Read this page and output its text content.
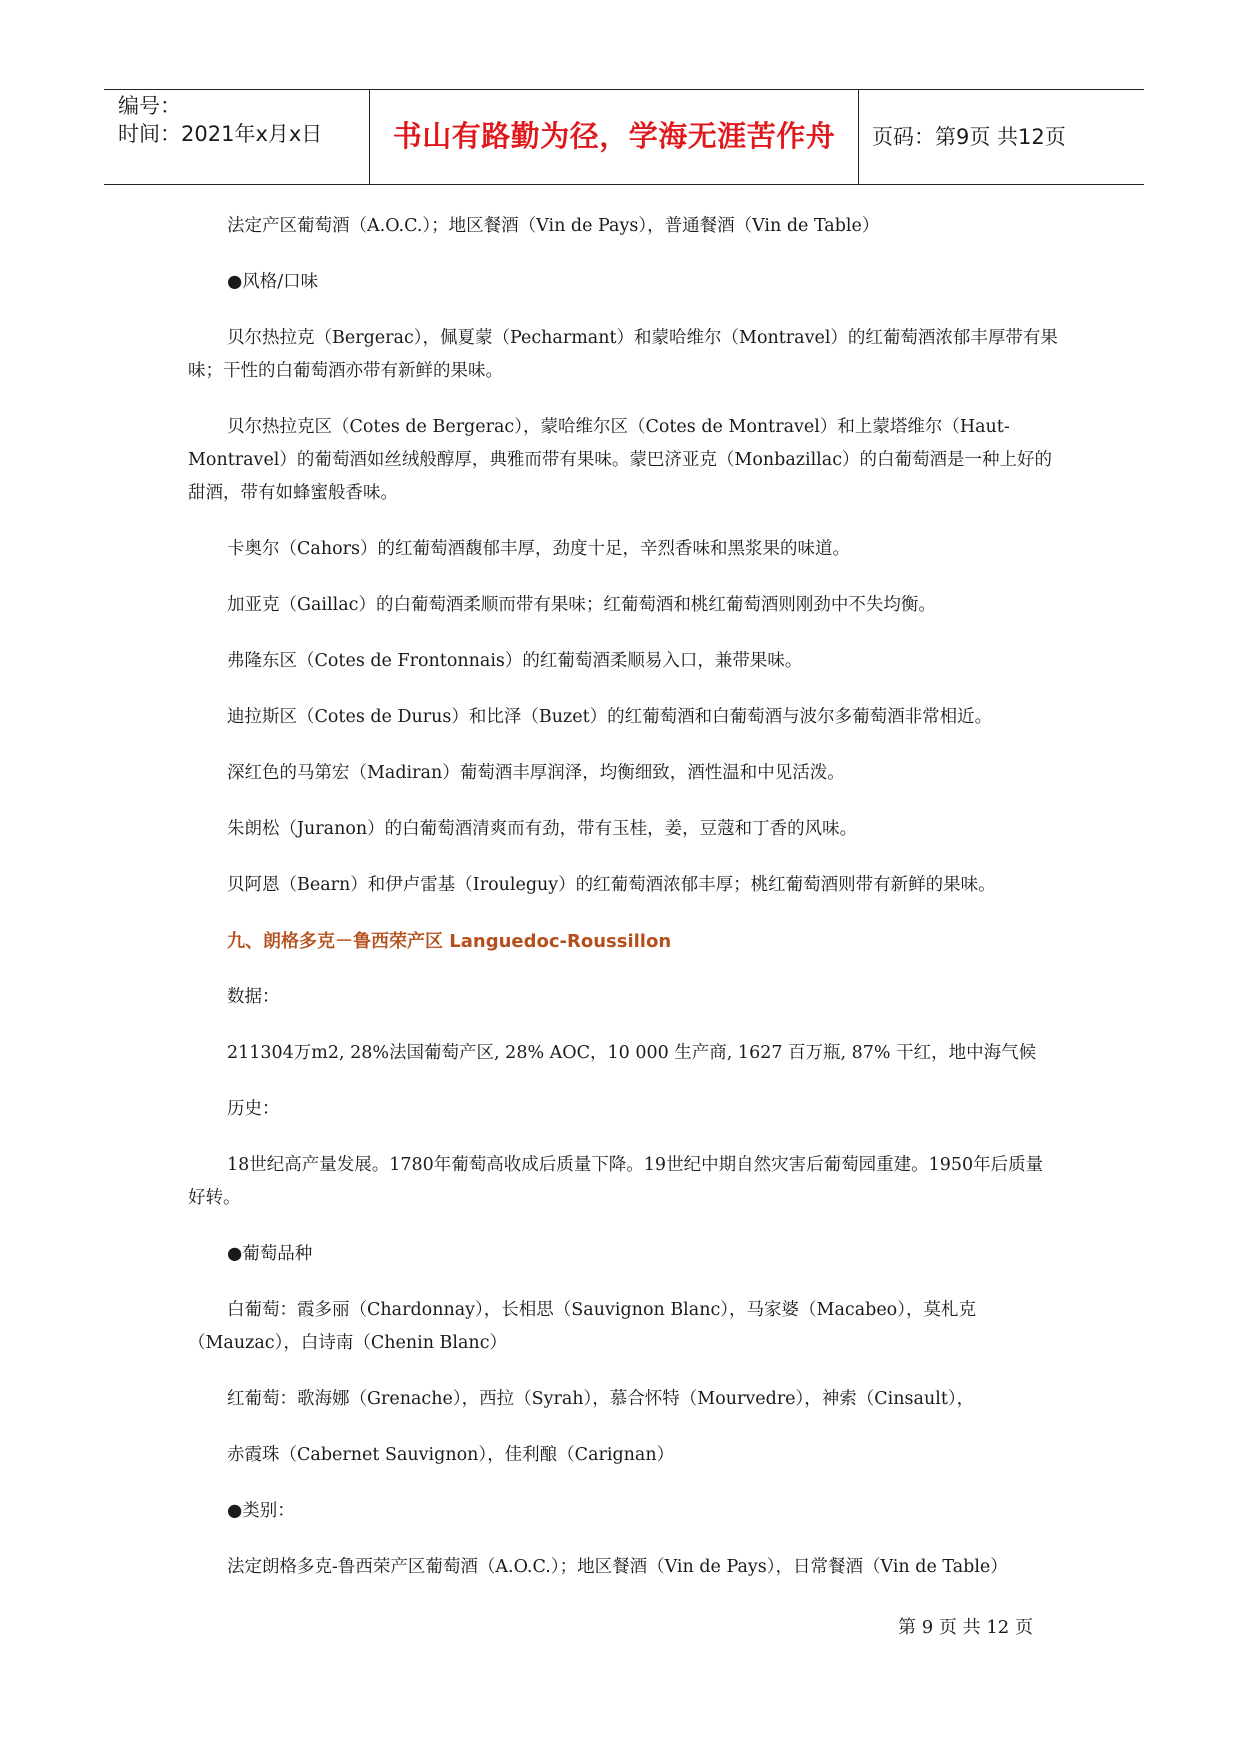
编号：
时间：2021年x月x日	书山有路勤为径，学海无涯苦作舟	页码：第9页 共12页

法定产区葡萄酒（A.O.C.）；地区餐酒（Vin de Pays），普通餐酒（Vin de Table）

●风格/口味

贝尔热拉克（Bergerac），佩夏蒙（Pecharmant）和蒙哈维尔（Montravel）的红葡萄酒浓郁丰厚带有果味；干性的白葡萄酒亦带有新鲜的果味。

贝尔热拉克区（Cotes de Bergerac），蒙哈维尔区（Cotes de Montravel）和上蒙塔维尔（Haut-Montravel）的葡萄酒如丝绒般醇厚，典雅而带有果味。蒙巴济亚克（Monbazillac）的白葡萄酒是一种上好的甜酒，带有如蜂蜜般香味。

卡奥尔（Cahors）的红葡萄酒馥郁丰厚，劲度十足，辛烈香味和黑浆果的味道。

加亚克（Gaillac）的白葡萄酒柔顺而带有果味；红葡萄酒和桃红葡萄酒则刚劲中不失均衡。

弗隆东区（Cotes de Frontonnais）的红葡萄酒柔顺易入口，兼带果味。

迪拉斯区（Cotes de Durus）和比泽（Buzet）的红葡萄酒和白葡萄酒与波尔多葡萄酒非常相近。

深红色的马第宏（Madiran）葡萄酒丰厚润泽，均衡细致，酒性温和中见活泼。

朱朗松（Juranon）的白葡萄酒清爽而有劲，带有玉桂，姜，豆蔻和丁香的风味。

贝阿恩（Bearn）和伊卢雷基（Irouleguy）的红葡萄酒浓郁丰厚；桃红葡萄酒则带有新鲜的果味。

九、朗格多克－鲁西荣产区 Languedoc-Roussillon

数据：

211304万m2, 28%法国葡萄产区, 28% AOC，10 000 生产商, 1627 百万瓶, 87% 干红，地中海气候

历史：

18世纪高产量发展。1780年葡萄高收成后质量下降。19世纪中期自然灾害后葡萄园重建。1950年后质量好转。

●葡萄品种

白葡萄：霞多丽（Chardonnay），长相思（Sauvignon Blanc），马家婆（Macabeo），莫札克（Mauzac），白诗南（Chenin Blanc）

红葡萄：歌海娜（Grenache），西拉（Syrah），慕合怀特（Mourvedre），神索（Cinsault），

赤霞珠（Cabernet Sauvignon），佳利酿（Carignan）

●类别：

法定朗格多克-鲁西荣产区葡萄酒（A.O.C.）；地区餐酒（Vin de Pays），日常餐酒（Vin de Table）

第 9 页 共 12 页
